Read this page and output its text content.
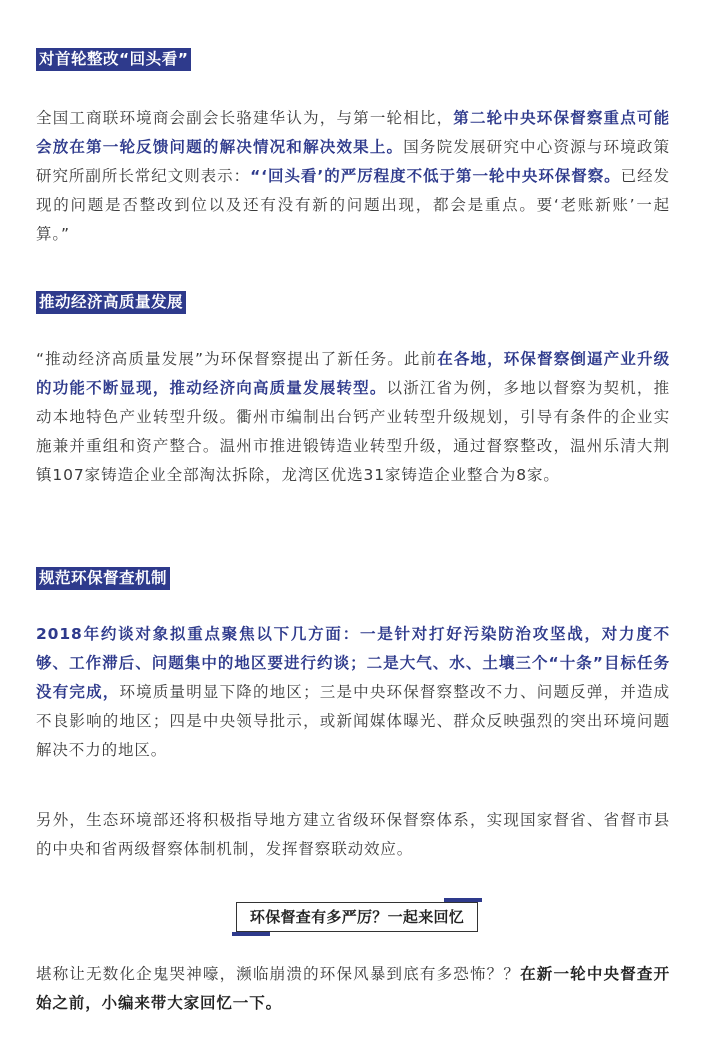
对首轮整改“回头看”

全国工商联环境商会副会长骆建华认为，与第一轮相比，第二轮中央环保督察重点可能会放在第一轮反馈问题的解决情况和解决效果上。国务院发展研究中心资源与环境政策研究所副所长常纪文则表示：“‘回头看’的严厉程度不低于第一轮中央环保督察。已经发现的问题是否整改到位以及还有没有新的问题出现，都会是重点。要‘老账新账’一起算。”

推动经济高质量发展

“推动经济高质量发展”为环保督察提出了新任务。此前在各地，环保督察倒逼产业升级的功能不断显现，推动经济向高质量发展转型。以浙江省为例，多地以督察为契机，推动本地特色产业转型升级。衢州市编制出台钙产业转型升级规划，引导有条件的企业实施兼并重组和资产整合。温州市推进锻铸造业转型升级，通过督察整改，温州乐清大荆镇107家铸造企业全部淘汰拆除，龙湾区优选31家铸造企业整合为8家。

规范环保督查机制

2018年约谈对象拟重点聚焦以下几方面：一是针对打好污染防治攻坚战，对力度不够、工作滞后、问题集中的地区要进行约谈；二是大气、水、土壤三个“十条”目标任务没有完成，环境质量明显下降的地区；三是中央环保督察整改不力、问题反弹，并造成不良影响的地区；四是中央领导批示，或新闻媒体曝光、群众反映强烈的突出环境问题解决不力的地区。

另外，生态环境部还将积极指导地方建立省级环保督察体系，实现国家督省、省督市县的中央和省两级督察体制机制，发挥督察联动效应。

环保督查有多严厉？一起来回忆

堪称让无数化企鬼哭神嚎，濒临崩溃的环保风暴到底有多恐怖？？在新一轮中央督查开始之前，小编来带大家回忆一下。
